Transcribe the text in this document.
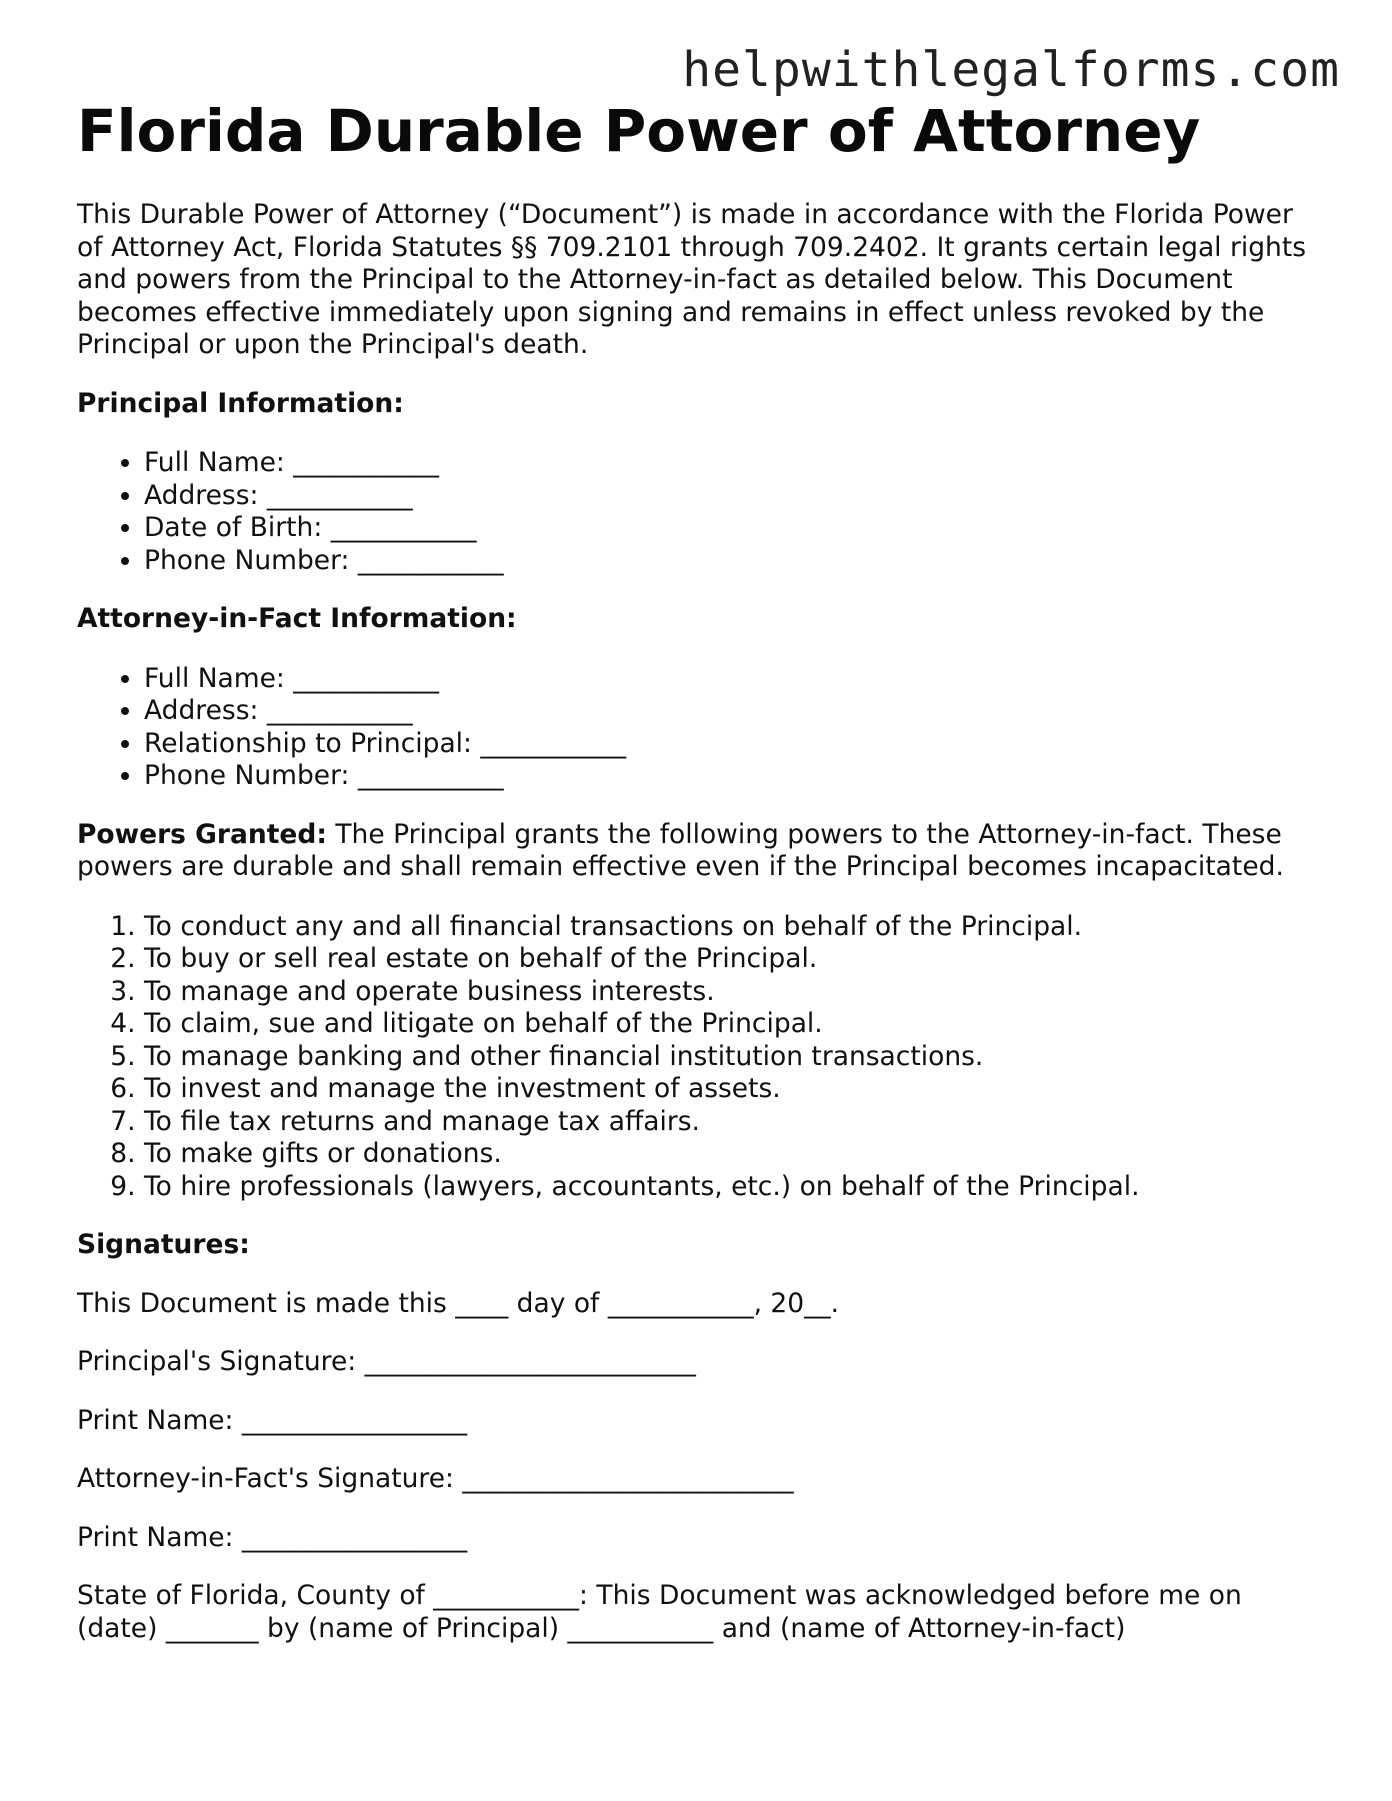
helpwithlegalforms.com
Florida Durable Power of Attorney

This Durable Power of Attorney (“Document”) is made in accordance with the Florida Power of Attorney Act, Florida Statutes §§ 709.2101 through 709.2402. It grants certain legal rights and powers from the Principal to the Attorney-in-fact as detailed below. This Document becomes effective immediately upon signing and remains in effect unless revoked by the Principal or upon the Principal's death.

Principal Information:

• Full Name: ___________
• Address: ___________
• Date of Birth: ___________
• Phone Number: ___________

Attorney-in-Fact Information:

• Full Name: ___________
• Address: ___________
• Relationship to Principal: ___________
• Phone Number: ___________

Powers Granted: The Principal grants the following powers to the Attorney-in-fact. These powers are durable and shall remain effective even if the Principal becomes incapacitated.

1. To conduct any and all financial transactions on behalf of the Principal.
2. To buy or sell real estate on behalf of the Principal.
3. To manage and operate business interests.
4. To claim, sue and litigate on behalf of the Principal.
5. To manage banking and other financial institution transactions.
6. To invest and manage the investment of assets.
7. To file tax returns and manage tax affairs.
8. To make gifts or donations.
9. To hire professionals (lawyers, accountants, etc.) on behalf of the Principal.

Signatures:

This Document is made this ____ day of ___________, 20__.

Principal's Signature: _________________________

Print Name: _________________

Attorney-in-Fact's Signature: _________________________

Print Name: _________________

State of Florida, County of ___________: This Document was acknowledged before me on (date) _______ by (name of Principal) ___________ and (name of Attorney-in-fact)
